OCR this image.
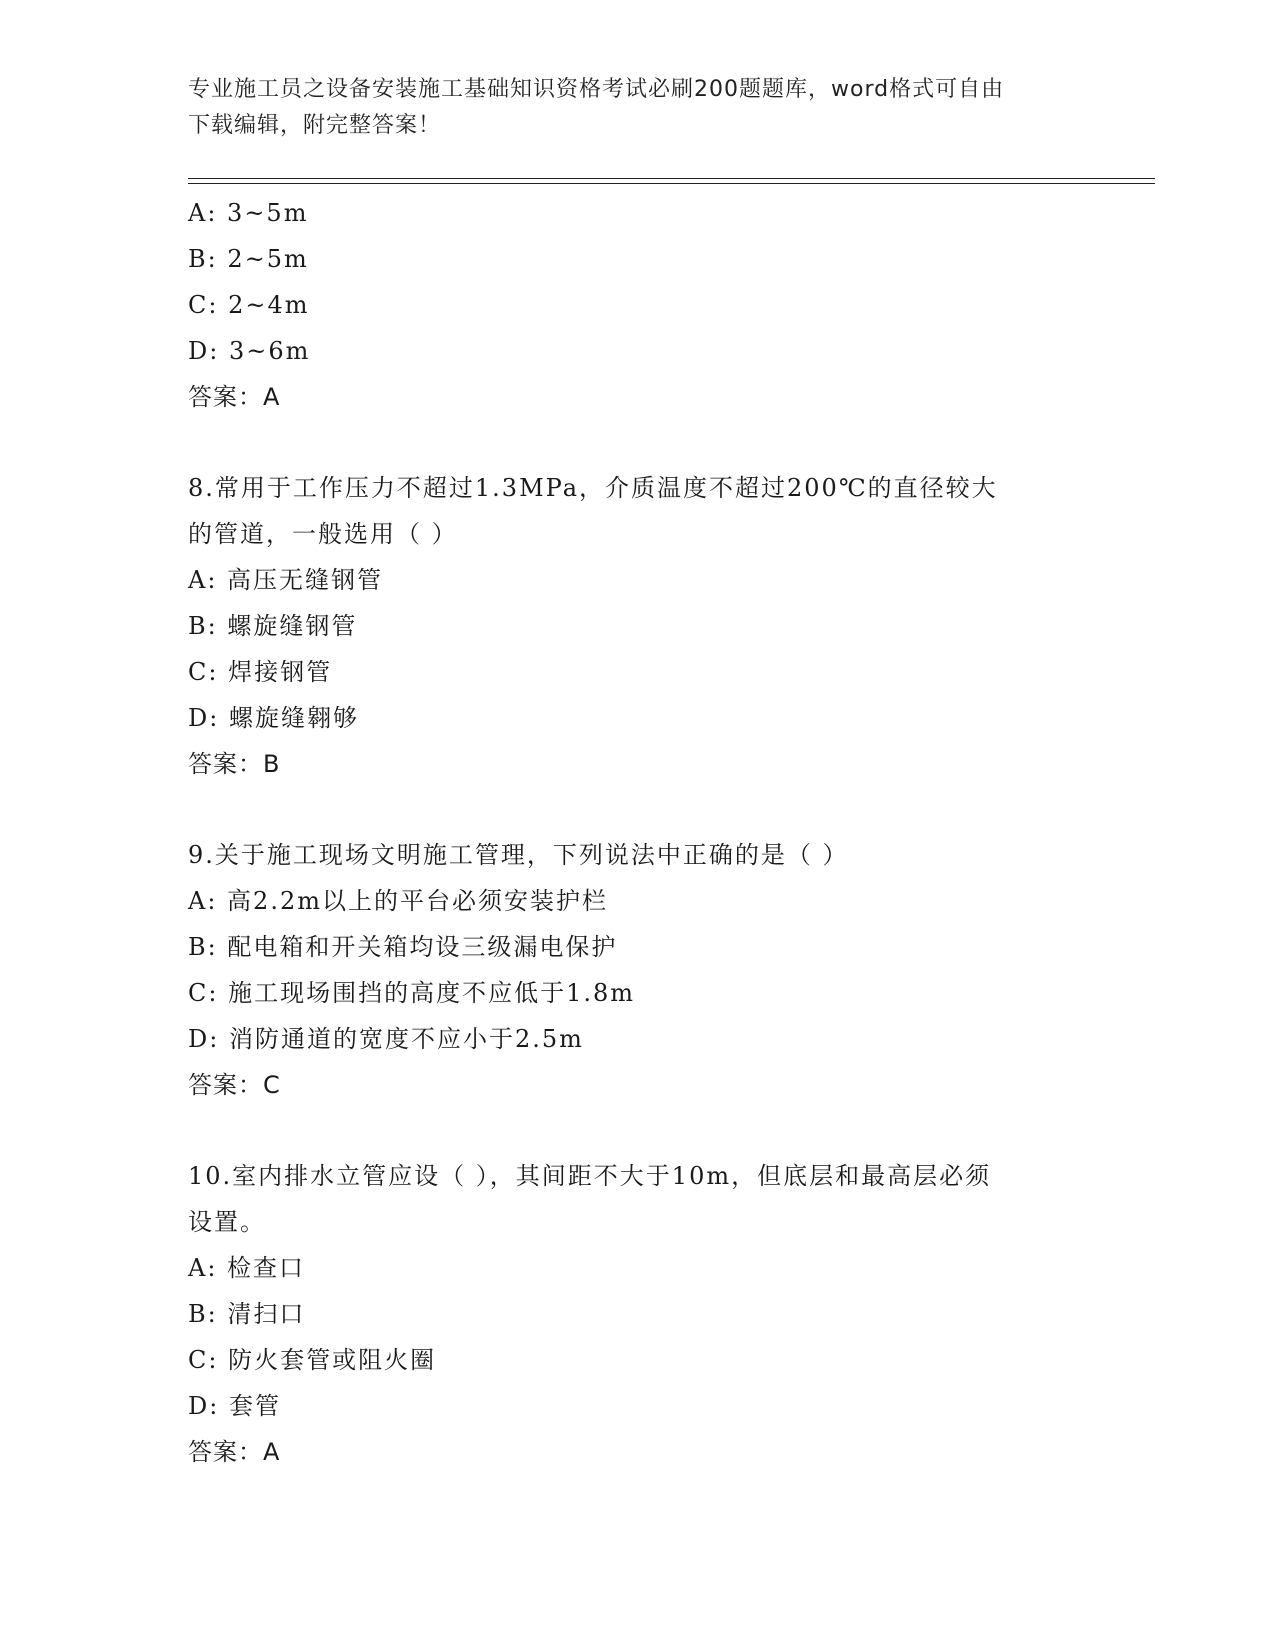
专业施工员之设备安装施工基础知识资格考试必刷200题题库，word格式可自由
下载编辑，附完整答案！
A: 3~5m
B: 2~5m
C: 2~4m
D: 3~6m
答案：A
8.常用于工作压力不超过1.3MPa，介质温度不超过200℃的直径较大
的管道，一般选用（ ）
A: 高压无缝钢管
B: 螺旋缝钢管
C: 焊接钢管
D: 螺旋缝翱够
答案：B
9.关于施工现场文明施工管理，下列说法中正确的是（ ）
A: 高2.2m以上的平台必须安装护栏
B: 配电箱和开关箱均设三级漏电保护
C: 施工现场围挡的高度不应低于1.8m
D: 消防通道的宽度不应小于2.5m
答案：C
10.室内排水立管应设（ ），其间距不大于10m，但底层和最高层必须
设置。
A: 检查口
B: 清扫口
C: 防火套管或阻火圈
D: 套管
答案：A
